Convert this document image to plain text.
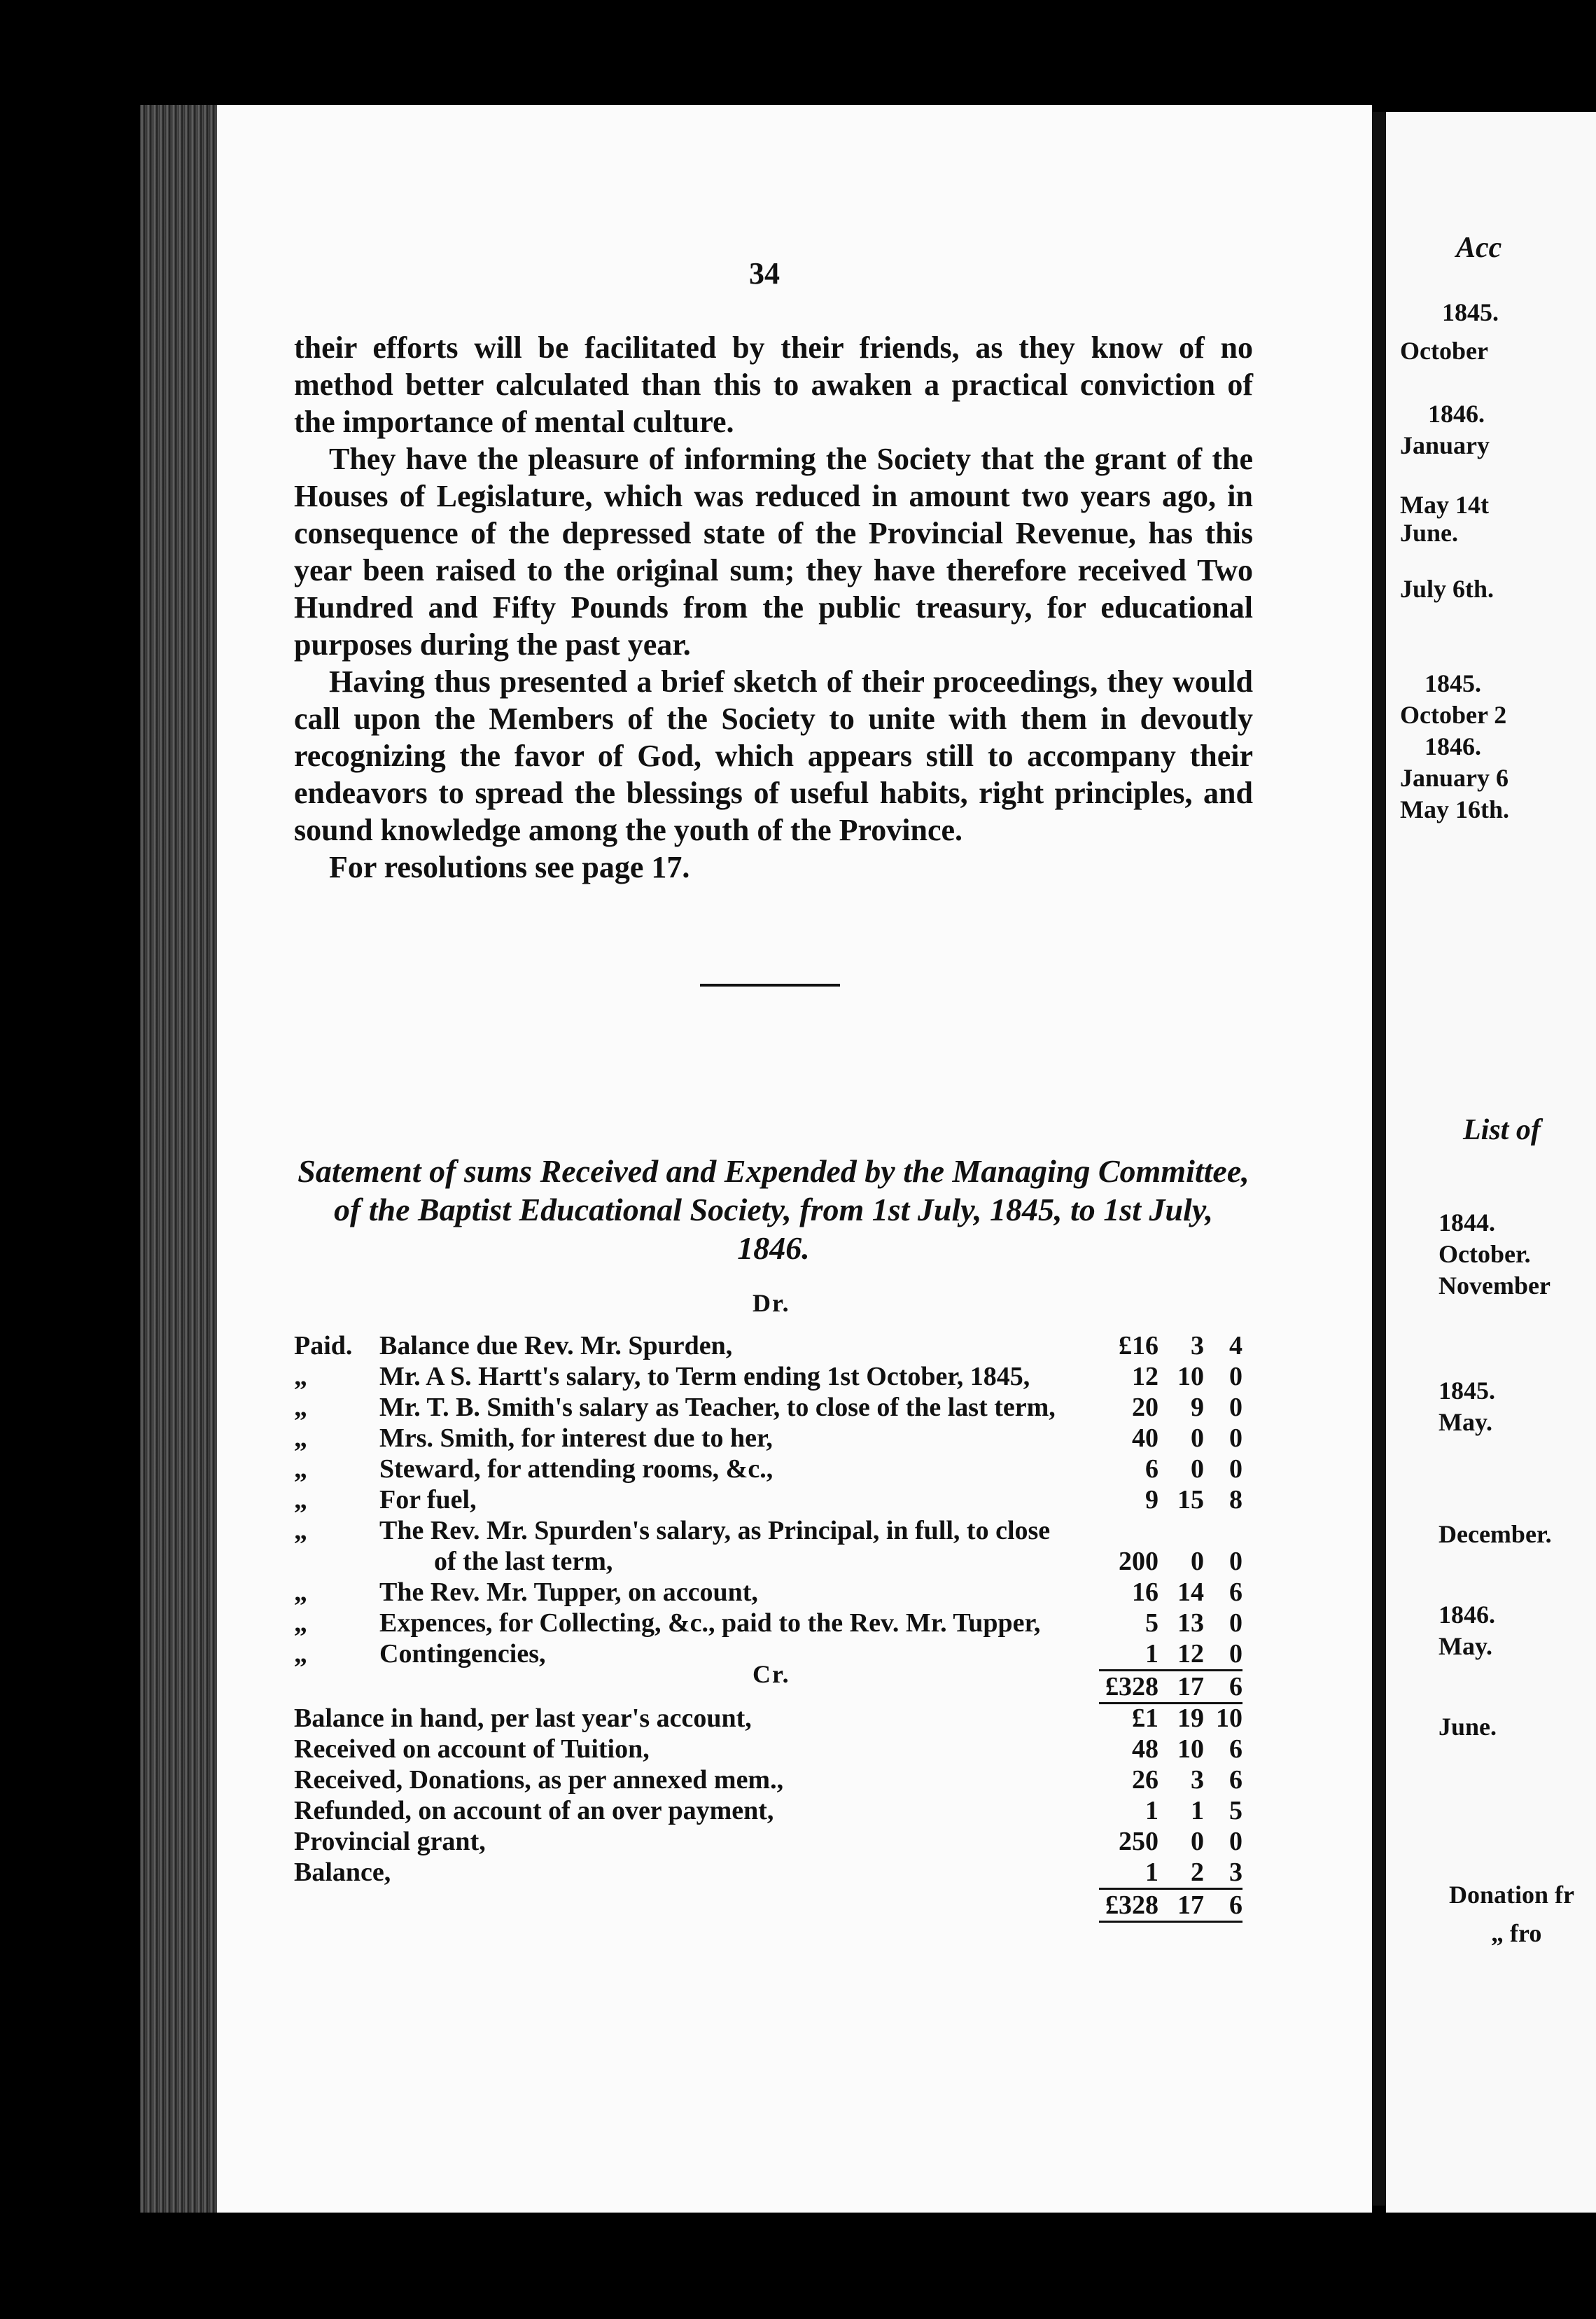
Acc
1845.
October
1846.
January
May 14t
June.
July 6th.
1845.
October 2
1846.
January 6
May 16th.
List of
1844.
October.
November
1845.
May.
December.
1846.
May.
June.
Donation fr
„ fro
34

their efforts will be facilitated by their friends, as they know of no method better calculated than this to awaken a practical conviction of the importance of mental culture.

They have the pleasure of informing the Society that the grant of the Houses of Legislature, which was reduced in amount two years ago, in consequence of the depressed state of the Provincial Revenue, has this year been raised to the original sum; they have therefore received Two Hundred and Fifty Pounds from the public treasury, for educational purposes during the past year.

Having thus presented a brief sketch of their proceedings, they would call upon the Members of the Society to unite with them in devoutly recognizing the favor of God, which appears still to accompany their endeavors to spread the blessings of useful habits, right principles, and sound knowledge among the youth of the Province.

For resolutions see page 17.

Satement of sums Received and Expended by the Managing Committee, of the Baptist Educational Society, from 1st July, 1845, to 1st July, 1846.
Dr.
Paid. Balance due Rev. Mr. Spurden,	£16	3 4
„	Mr. A S. Hartt's salary, to Term ending 1st October, 1845,	12 10 0
„	Mr. T. B. Smith's salary as Teacher, to close of the last term,	20	9 0
„	Mrs. Smith, for interest due to her,	40	0 0
„	Steward, for attending rooms, &c.,	6	0 0
„	For fuel,	9 15 8
„	The Rev. Mr. Spurden's salary, as Principal, in full, to close
of the last term,	200	0 0
„	The Rev. Mr. Tupper, on account,	16 14 6
„	Expences, for Collecting, &c., paid to the Rev. Mr. Tupper,	5 13 0
„	Contingencies,	1 12 0
£328 17 6
Cr.
Balance in hand, per last year's account,	£1 19 10
Received on account of Tuition,	48 10 6
Received, Donations, as per annexed mem.,	26	3 6
Refunded, on account of an over payment,	1	1 5
Provincial grant,	250	0 0
Balance,	1	2 3
£328 17 6
